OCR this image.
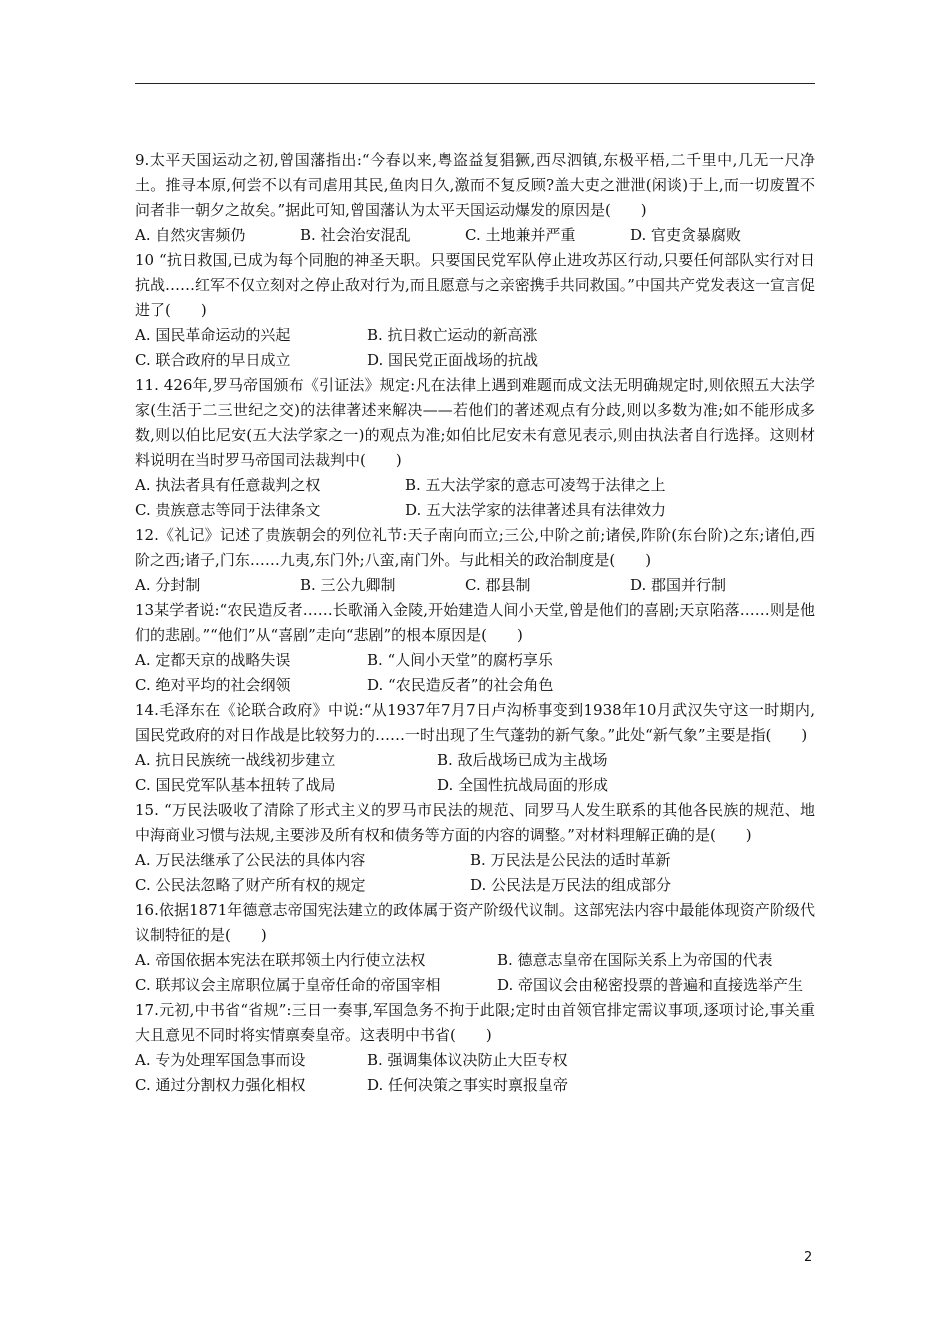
9.太平天国运动之初,曾国藩指出:“今春以来,粤盗益复猖獗,西尽泗镇,东极平梧,二千里中,几无一尺净土。推寻本原,何尝不以有司虐用其民,鱼肉日久,激而不复反顾?盖大吏之泄泄(闲谈)于上,而一切废置不问者非一朝夕之故矣。”据此可知,曾国藩认为太平天国运动爆发的原因是(　　)

A. 自然灾害频仍	B. 社会治安混乱	C. 土地兼并严重	D. 官吏贪暴腐败

10 “抗日救国,已成为每个同胞的神圣天职。只要国民党军队停止进攻苏区行动,只要任何部队实行对日抗战……红军不仅立刻对之停止敌对行为,而且愿意与之亲密携手共同救国。”中国共产党发表这一宣言促进了(　　)

A. 国民革命运动的兴起	B. 抗日救亡运动的新高涨
C. 联合政府的早日成立	D. 国民党正面战场的抗战

11. 426年,罗马帝国颁布《引证法》规定:凡在法律上遇到难题而成文法无明确规定时,则依照五大法学家(生活于二三世纪之交)的法律著述来解决——若他们的著述观点有分歧,则以多数为准;如不能形成多数,则以伯比尼安(五大法学家之一)的观点为准;如伯比尼安未有意见表示,则由执法者自行选择。这则材料说明在当时罗马帝国司法裁判中(　　)

A. 执法者具有任意裁判之权	B. 五大法学家的意志可凌驾于法律之上
C. 贵族意志等同于法律条文	D. 五大法学家的法律著述具有法律效力

12.《礼记》记述了贵族朝会的列位礼节:天子南向而立;三公,中阶之前;诸侯,阼阶(东台阶)之东;诸伯,西阶之西;诸子,门东……九夷,东门外;八蛮,南门外。与此相关的政治制度是(　　)

A. 分封制	B. 三公九卿制	C. 郡县制	D. 郡国并行制

13某学者说:“农民造反者……长歌涌入金陵,开始建造人间小天堂,曾是他们的喜剧;天京陷落……则是他们的悲剧。”“他们”从“喜剧”走向“悲剧”的根本原因是(　　)

A. 定都天京的战略失误	B. “人间小天堂”的腐朽享乐
C. 绝对平均的社会纲领	D. “农民造反者”的社会角色

14.毛泽东在《论联合政府》中说:“从1937年7月7日卢沟桥事变到1938年10月武汉失守这一时期内,国民党政府的对日作战是比较努力的……一时出现了生气蓬勃的新气象。”此处“新气象”主要是指(　　)

A. 抗日民族统一战线初步建立	B. 敌后战场已成为主战场
C. 国民党军队基本扭转了战局	D. 全国性抗战局面的形成

15. “万民法吸收了清除了形式主义的罗马市民法的规范、同罗马人发生联系的其他各民族的规范、地中海商业习惯与法规,主要涉及所有权和债务等方面的内容的调整。”对材料理解正确的是(　　)

A. 万民法继承了公民法的具体内容	B. 万民法是公民法的适时革新
C. 公民法忽略了财产所有权的规定	D. 公民法是万民法的组成部分

16.依据1871年德意志帝国宪法建立的政体属于资产阶级代议制。这部宪法内容中最能体现资产阶级代议制特征的是(　　)

A. 帝国依据本宪法在联邦领土内行使立法权	B. 德意志皇帝在国际关系上为帝国的代表
C. 联邦议会主席职位属于皇帝任命的帝国宰相	D. 帝国议会由秘密投票的普遍和直接选举产生

17.元初,中书省“省规”:三日一奏事,军国急务不拘于此限;定时由首领官排定需议事项,逐项讨论,事关重大且意见不同时将实情禀奏皇帝。这表明中书省(　　)

A. 专为处理军国急事而设	B. 强调集体议决防止大臣专权
C. 通过分割权力强化相权	D. 任何决策之事实时禀报皇帝
2
